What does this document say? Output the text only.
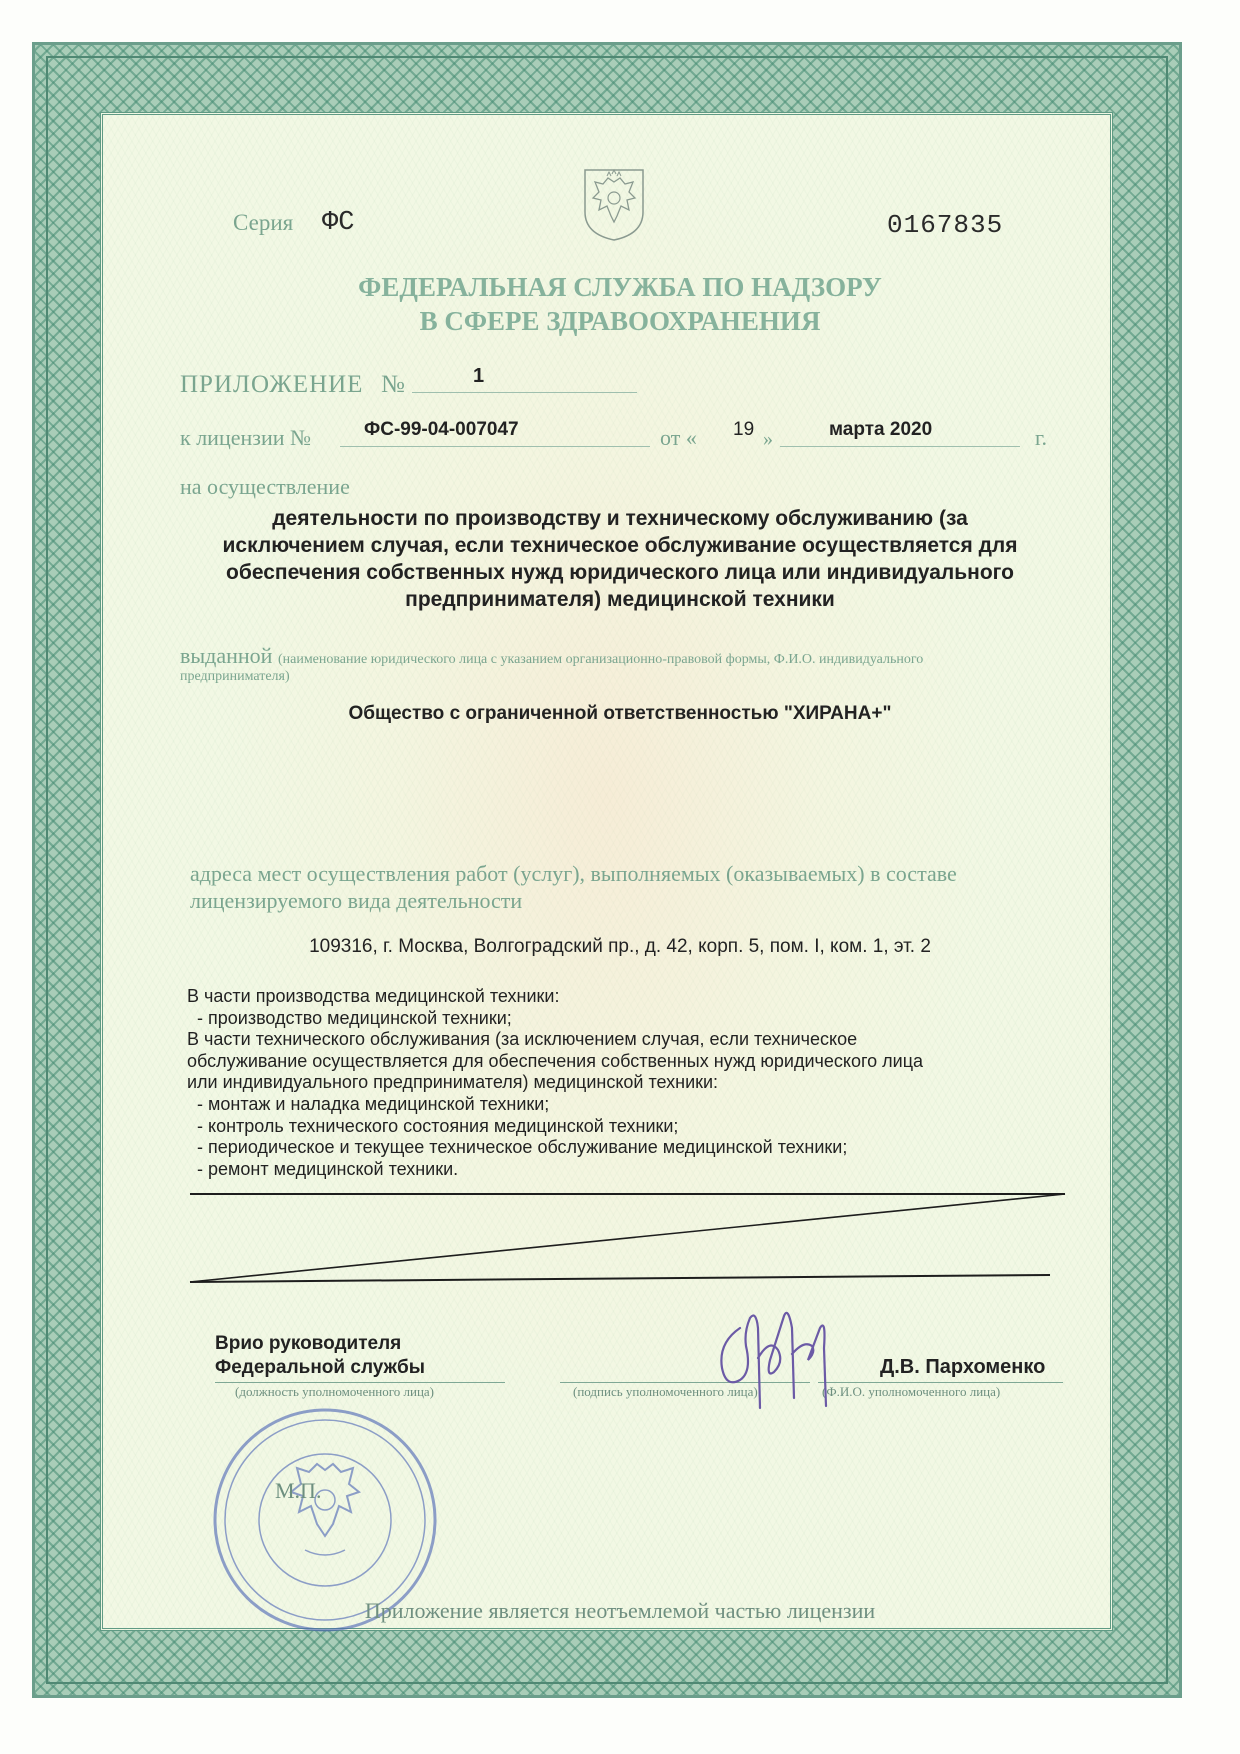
Серия ФС	0167835
ФЕДЕРАЛЬНАЯ СЛУЖБА ПО НАДЗОРУ
В СФЕРЕ ЗДРАВООХРАНЕНИЯ
ПРИЛОЖЕНИЕ №	1
к лицензии №	ФС-99-04-007047	от « 19 »	марта 2020	г.
на осуществление
деятельности по производству и техническому обслуживанию (за
исключением случая, если техническое обслуживание осуществляется для
обеспечения собственных нужд юридического лица или индивидуального
предпринимателя) медицинской техники
выданной (наименование юридического лица с указанием организационно-правовой формы, Ф.И.О. индивидуального
предпринимателя)
Общество с ограниченной ответственностью "ХИРАНА+"
адреса мест осуществления работ (услуг), выполняемых (оказываемых) в составе
лицензируемого вида деятельности
109316, г. Москва, Волгоградский пр., д. 42, корп. 5, пом. I, ком. 1, эт. 2
В части производства медицинской техники:
- производство медицинской техники;
В части технического обслуживания (за исключением случая, если техническое
обслуживание осуществляется для обеспечения собственных нужд юридического лица
или индивидуального предпринимателя) медицинской техники:
- монтаж и наладка медицинской техники;
- контроль технического состояния медицинской техники;
- периодическое и текущее техническое обслуживание медицинской техники;
- ремонт медицинской техники.
Врио руководителя
Федеральной службы	Д.В. Пархоменко
(должность уполномоченного лица)	(подпись уполномоченного лица)	(Ф.И.О. уполномоченного лица)
М.П.
Приложение является неотъемлемой частью лицензии
